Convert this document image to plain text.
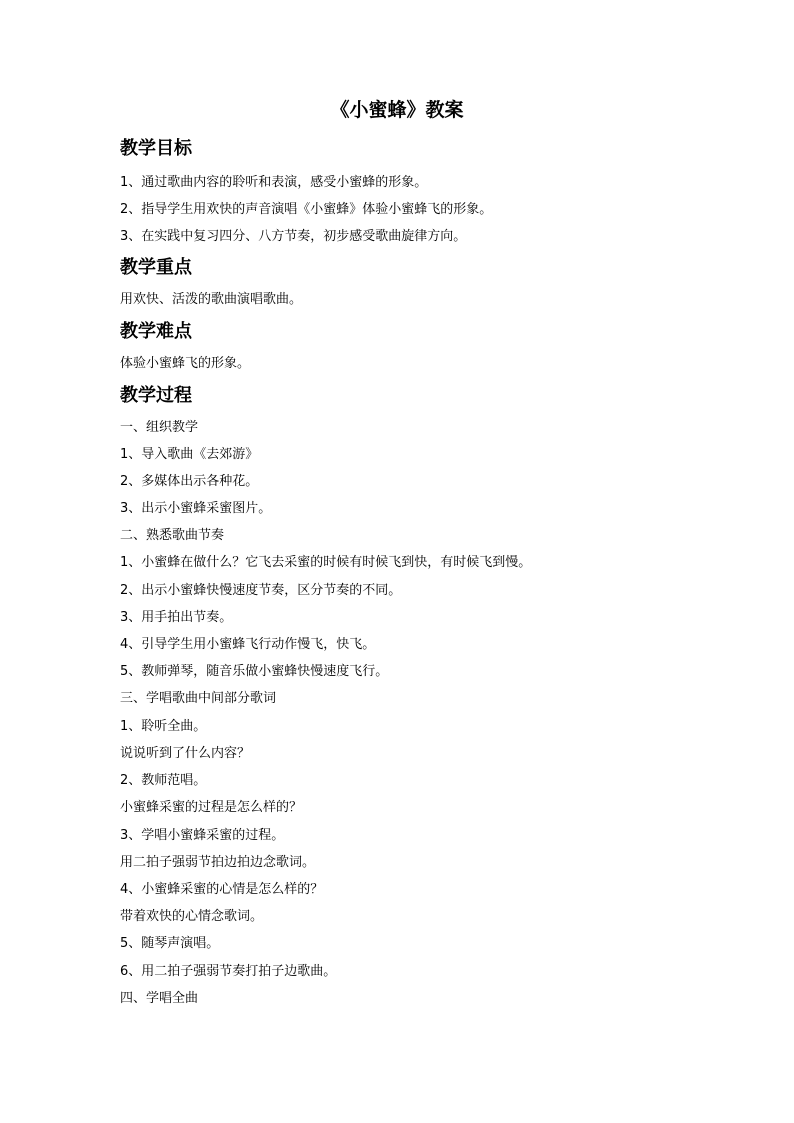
《小蜜蜂》教案
教学目标
1、通过歌曲内容的聆听和表演，感受小蜜蜂的形象。
2、指导学生用欢快的声音演唱《小蜜蜂》体验小蜜蜂飞的形象。
3、在实践中复习四分、八方节奏，初步感受歌曲旋律方向。
教学重点
用欢快、活泼的歌曲演唱歌曲。
教学难点
体验小蜜蜂飞的形象。
教学过程
一、组织教学
1、导入歌曲《去郊游》
2、多媒体出示各种花。
3、出示小蜜蜂采蜜图片。
二、熟悉歌曲节奏
1、小蜜蜂在做什么？它飞去采蜜的时候有时候飞到快，有时候飞到慢。
2、出示小蜜蜂快慢速度节奏，区分节奏的不同。
3、用手拍出节奏。
4、引导学生用小蜜蜂飞行动作慢飞，快飞。
5、教师弹琴，随音乐做小蜜蜂快慢速度飞行。
三、学唱歌曲中间部分歌词
1、聆听全曲。
说说听到了什么内容？
2、教师范唱。
小蜜蜂采蜜的过程是怎么样的？
3、学唱小蜜蜂采蜜的过程。
用二拍子强弱节拍边拍边念歌词。
4、小蜜蜂采蜜的心情是怎么样的？
带着欢快的心情念歌词。
5、随琴声演唱。
6、用二拍子强弱节奏打拍子边歌曲。
四、学唱全曲
